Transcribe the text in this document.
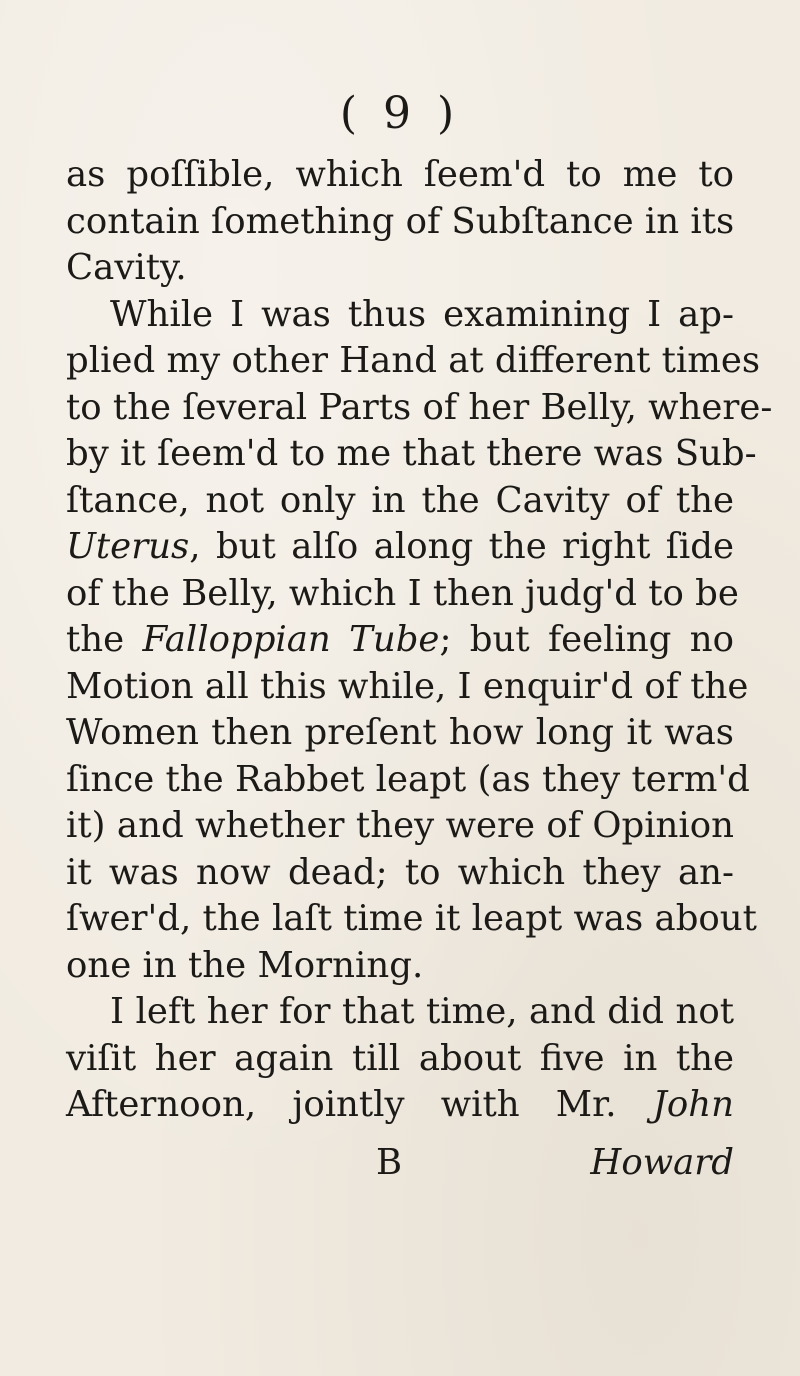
( 9 )
as poſſible, which ſeem'd to me to
contain ſomething of Subſtance in its
Cavity.
While I was thus examining I ap-
plied my other Hand at different times
to the ſeveral Parts of her Belly, where-
by it ſeem'd to me that there was Sub-
ſtance, not only in the Cavity of the
Uterus, but alſo along the right ſide
of the Belly, which I then judg'd to be
the Falloppian Tube; but feeling no
Motion all this while, I enquir'd of the
Women then preſent how long it was
ſince the Rabbet leapt (as they term'd
it) and whether they were of Opinion
it was now dead; to which they an-
ſwer'd, the laſt time it leapt was about
one in the Morning.
I left her for that time, and did not
viſit her again till about five in the
Afternoon, jointly with Mr. John
B	Howard
